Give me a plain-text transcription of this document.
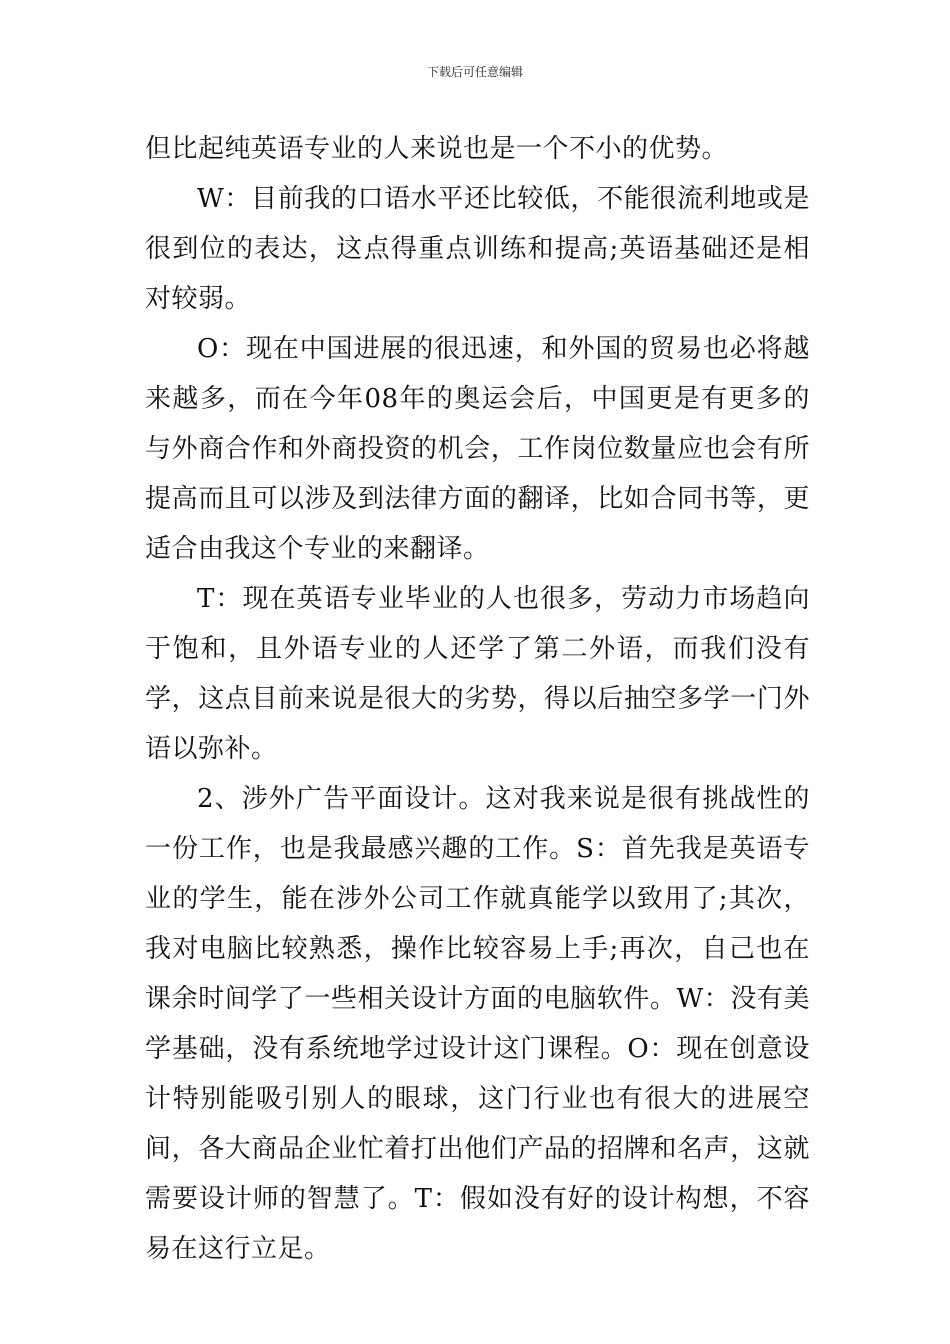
下载后可任意编辑

但比起纯英语专业的人来说也是一个不小的优势。

W：目前我的口语水平还比较低，不能很流利地或是很到位的表达，这点得重点训练和提高;英语基础还是相对较弱。

O：现在中国进展的很迅速，和外国的贸易也必将越来越多，而在今年08年的奥运会后，中国更是有更多的与外商合作和外商投资的机会，工作岗位数量应也会有所提高而且可以涉及到法律方面的翻译，比如合同书等，更适合由我这个专业的来翻译。

T：现在英语专业毕业的人也很多，劳动力市场趋向于饱和，且外语专业的人还学了第二外语，而我们没有学，这点目前来说是很大的劣势，得以后抽空多学一门外语以弥补。

2、涉外广告平面设计。这对我来说是很有挑战性的一份工作，也是我最感兴趣的工作。S：首先我是英语专业的学生，能在涉外公司工作就真能学以致用了;其次，我对电脑比较熟悉，操作比较容易上手;再次，自己也在课余时间学了一些相关设计方面的电脑软件。W：没有美学基础，没有系统地学过设计这门课程。O：现在创意设计特别能吸引别人的眼球，这门行业也有很大的进展空间，各大商品企业忙着打出他们产品的招牌和名声，这就需要设计师的智慧了。T：假如没有好的设计构想，不容易在这行立足。
